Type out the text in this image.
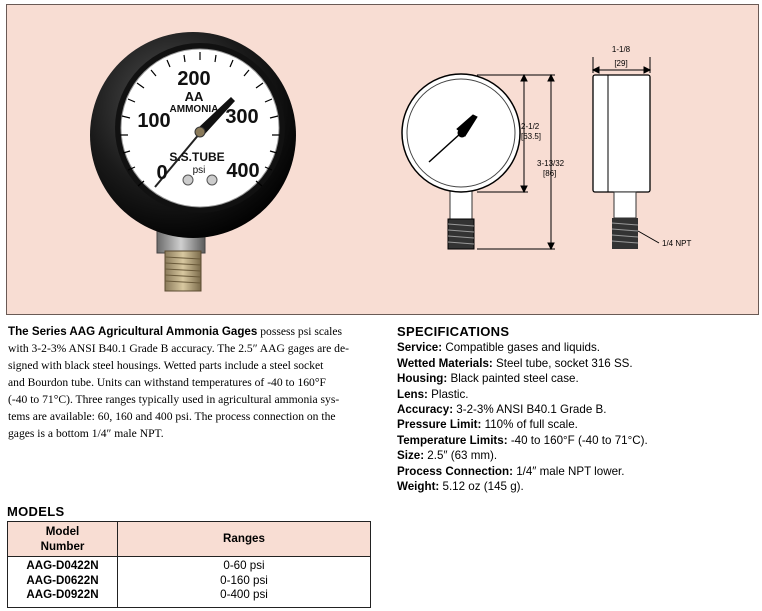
200
100	300
0	400
AA
AMMONIA
S.S.TUBE
psi
2-1/2
[63.5]
3-13/32
[86]
1-1/8
[29]
1/4 NPT
The Series AAG Agricultural Ammonia Gages possess psi scales
with 3-2-3% ANSI B40.1 Grade B accuracy. The 2.5″ AAG gages are de-
signed with black steel housings. Wetted parts include a steel socket
and Bourdon tube. Units can withstand temperatures of -40 to 160°F
(-40 to 71°C). Three ranges typically used in agricultural ammonia sys-
tems are available: 60, 160 and 400 psi. The process connection on the
gages is a bottom 1/4″ male NPT.
SPECIFICATIONS
Service: Compatible gases and liquids.
Wetted Materials: Steel tube, socket 316 SS.
Housing: Black painted steel case.
Lens: Plastic.
Accuracy: 3-2-3% ANSI B40.1 Grade B.
Pressure Limit: 110% of full scale.
Temperature Limits: -40 to 160°F (-40 to 71°C).
Size: 2.5″ (63 mm).
Process Connection: 1/4″ male NPT lower.
Weight: 5.12 oz (145 g).
MODELS
Model
Number
Ranges
AAG-D0422N
AAG-D0622N
AAG-D0922N
0-60 psi
0-160 psi
0-400 psi
